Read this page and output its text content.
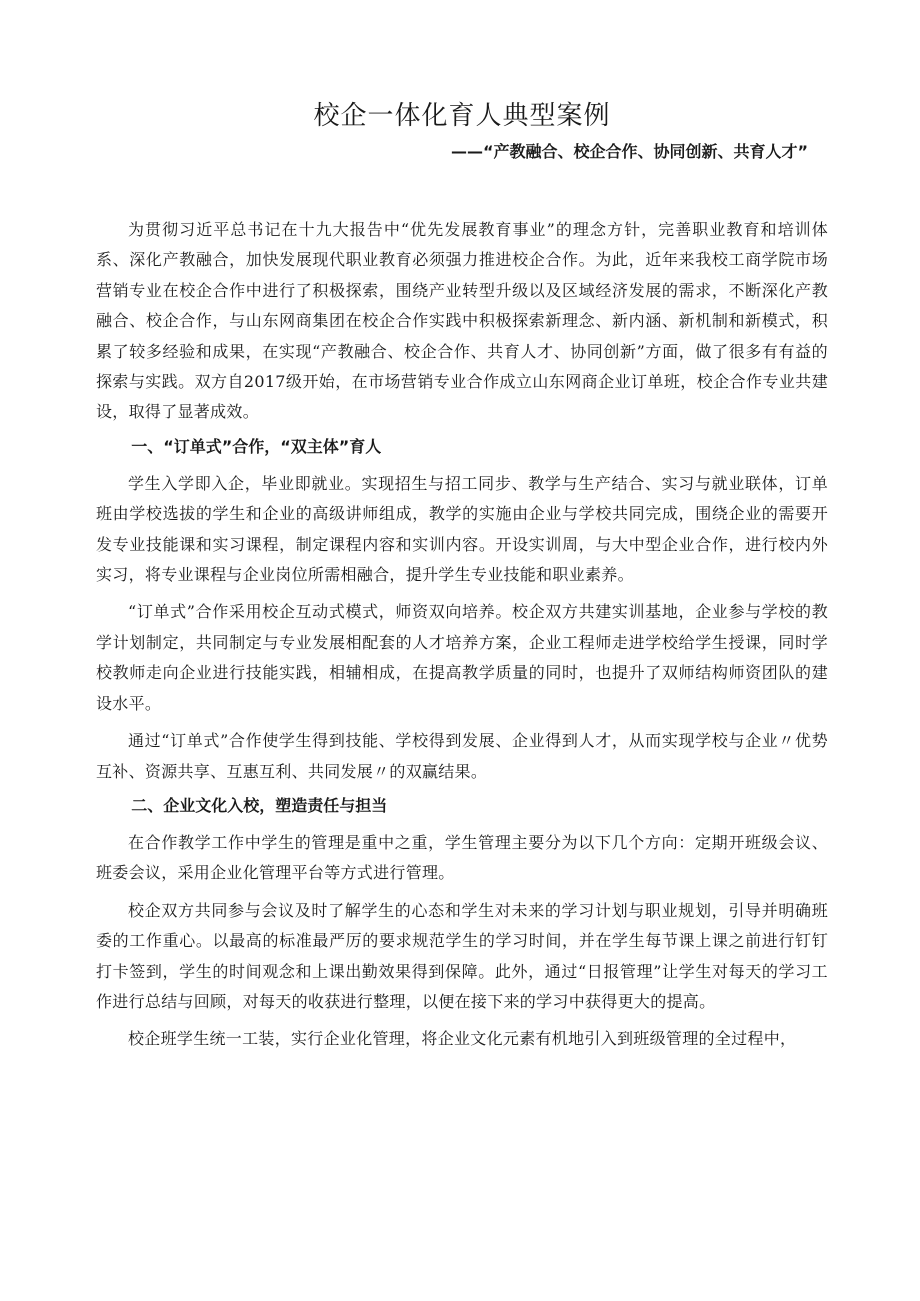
校企一体化育人典型案例
——“产教融合、校企合作、协同创新、共育人才”

为贯彻习近平总书记在十九大报告中“优先发展教育事业”的理念方针，完善职业教育和培训体系、深化产教融合，加快发展现代职业教育必须强力推进校企合作。为此，近年来我校工商学院市场营销专业在校企合作中进行了积极探索，围绕产业转型升级以及区域经济发展的需求，不断深化产教融合、校企合作，与山东网商集团在校企合作实践中积极探索新理念、新内涵、新机制和新模式，积累了较多经验和成果，在实现“产教融合、校企合作、共育人才、协同创新”方面，做了很多有有益的探索与实践。双方自2017级开始，在市场营销专业合作成立山东网商企业订单班，校企合作专业共建设，取得了显著成效。

一、“订单式”合作，“双主体”育人

学生入学即入企，毕业即就业。实现招生与招工同步、教学与生产结合、实习与就业联体，订单班由学校选拔的学生和企业的高级讲师组成，教学的实施由企业与学校共同完成，围绕企业的需要开发专业技能课和实习课程，制定课程内容和实训内容。开设实训周，与大中型企业合作，进行校内外实习，将专业课程与企业岗位所需相融合，提升学生专业技能和职业素养。

“订单式”合作采用校企互动式模式，师资双向培养。校企双方共建实训基地，企业参与学校的教学计划制定，共同制定与专业发展相配套的人才培养方案，企业工程师走进学校给学生授课，同时学校教师走向企业进行技能实践，相辅相成，在提高教学质量的同时，也提升了双师结构师资团队的建设水平。

通过“订单式”合作使学生得到技能、学校得到发展、企业得到人才，从而实现学校与企业〃优势互补、资源共享、互惠互利、共同发展〃的双赢结果。

二、企业文化入校，塑造责任与担当

在合作教学工作中学生的管理是重中之重，学生管理主要分为以下几个方向：定期开班级会议、班委会议，采用企业化管理平台等方式进行管理。

校企双方共同参与会议及时了解学生的心态和学生对未来的学习计划与职业规划，引导并明确班委的工作重心。以最高的标准最严厉的要求规范学生的学习时间，并在学生每节课上课之前进行钉钉打卡签到，学生的时间观念和上课出勤效果得到保障。此外，通过“日报管理”让学生对每天的学习工作进行总结与回顾，对每天的收获进行整理，以便在接下来的学习中获得更大的提高。

校企班学生统一工装，实行企业化管理，将企业文化元素有机地引入到班级管理的全过程中，
